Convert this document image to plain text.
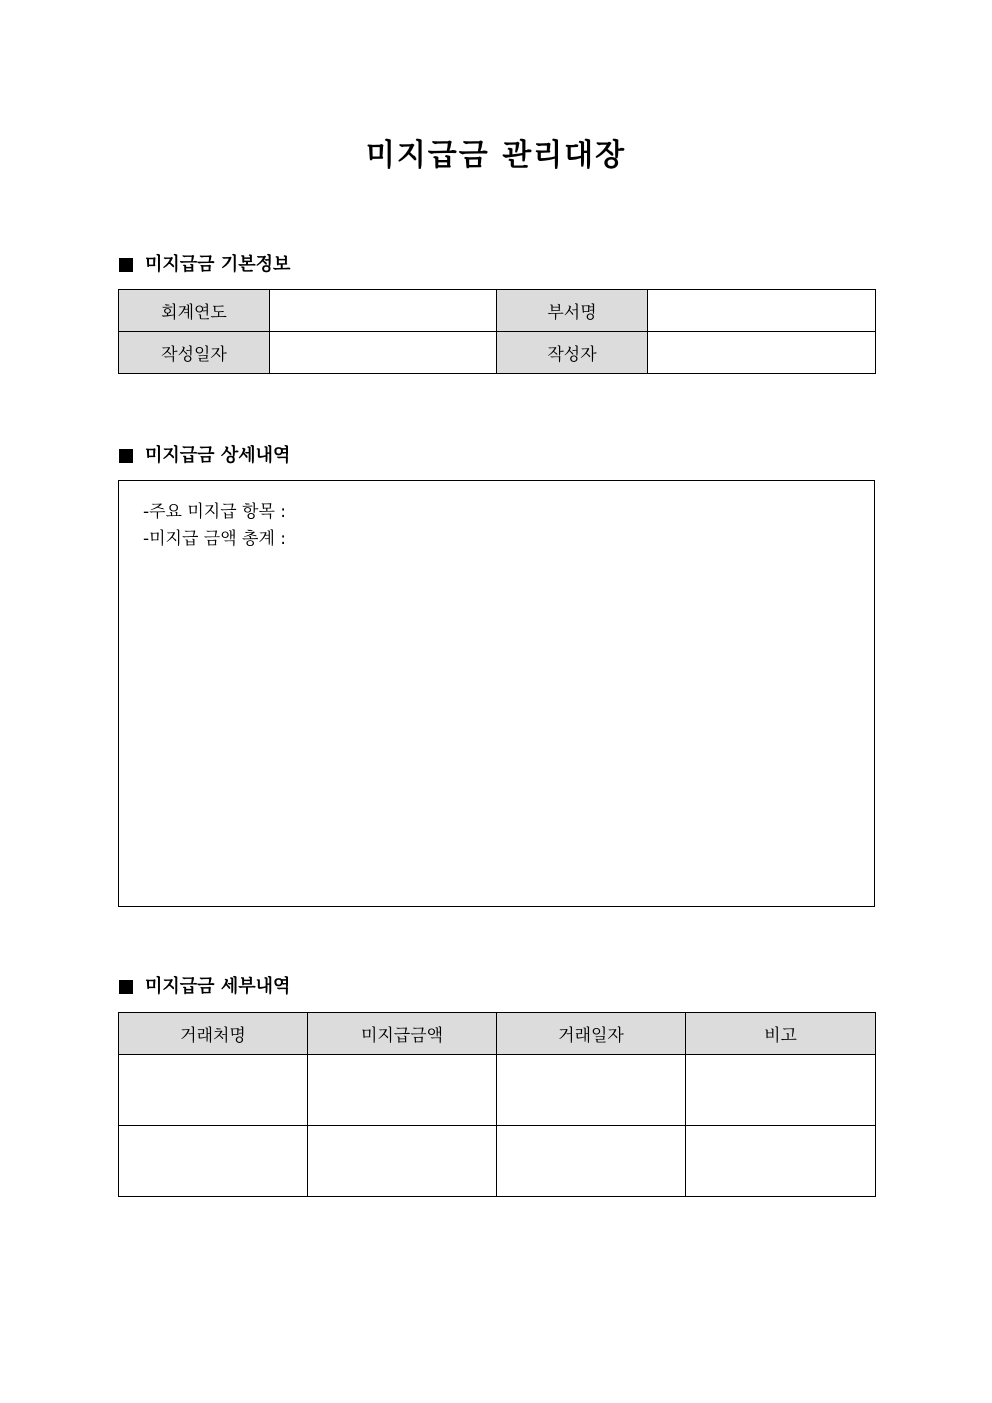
미지급금 관리대장
미지급금 기본정보
회계연도		부서명	
작성일자		작성자	
미지급금 상세내역
-주요 미지급 항목 :
-미지급 금액 총계 :
미지급금 세부내역
거래처명	미지급금액	거래일자	비고
